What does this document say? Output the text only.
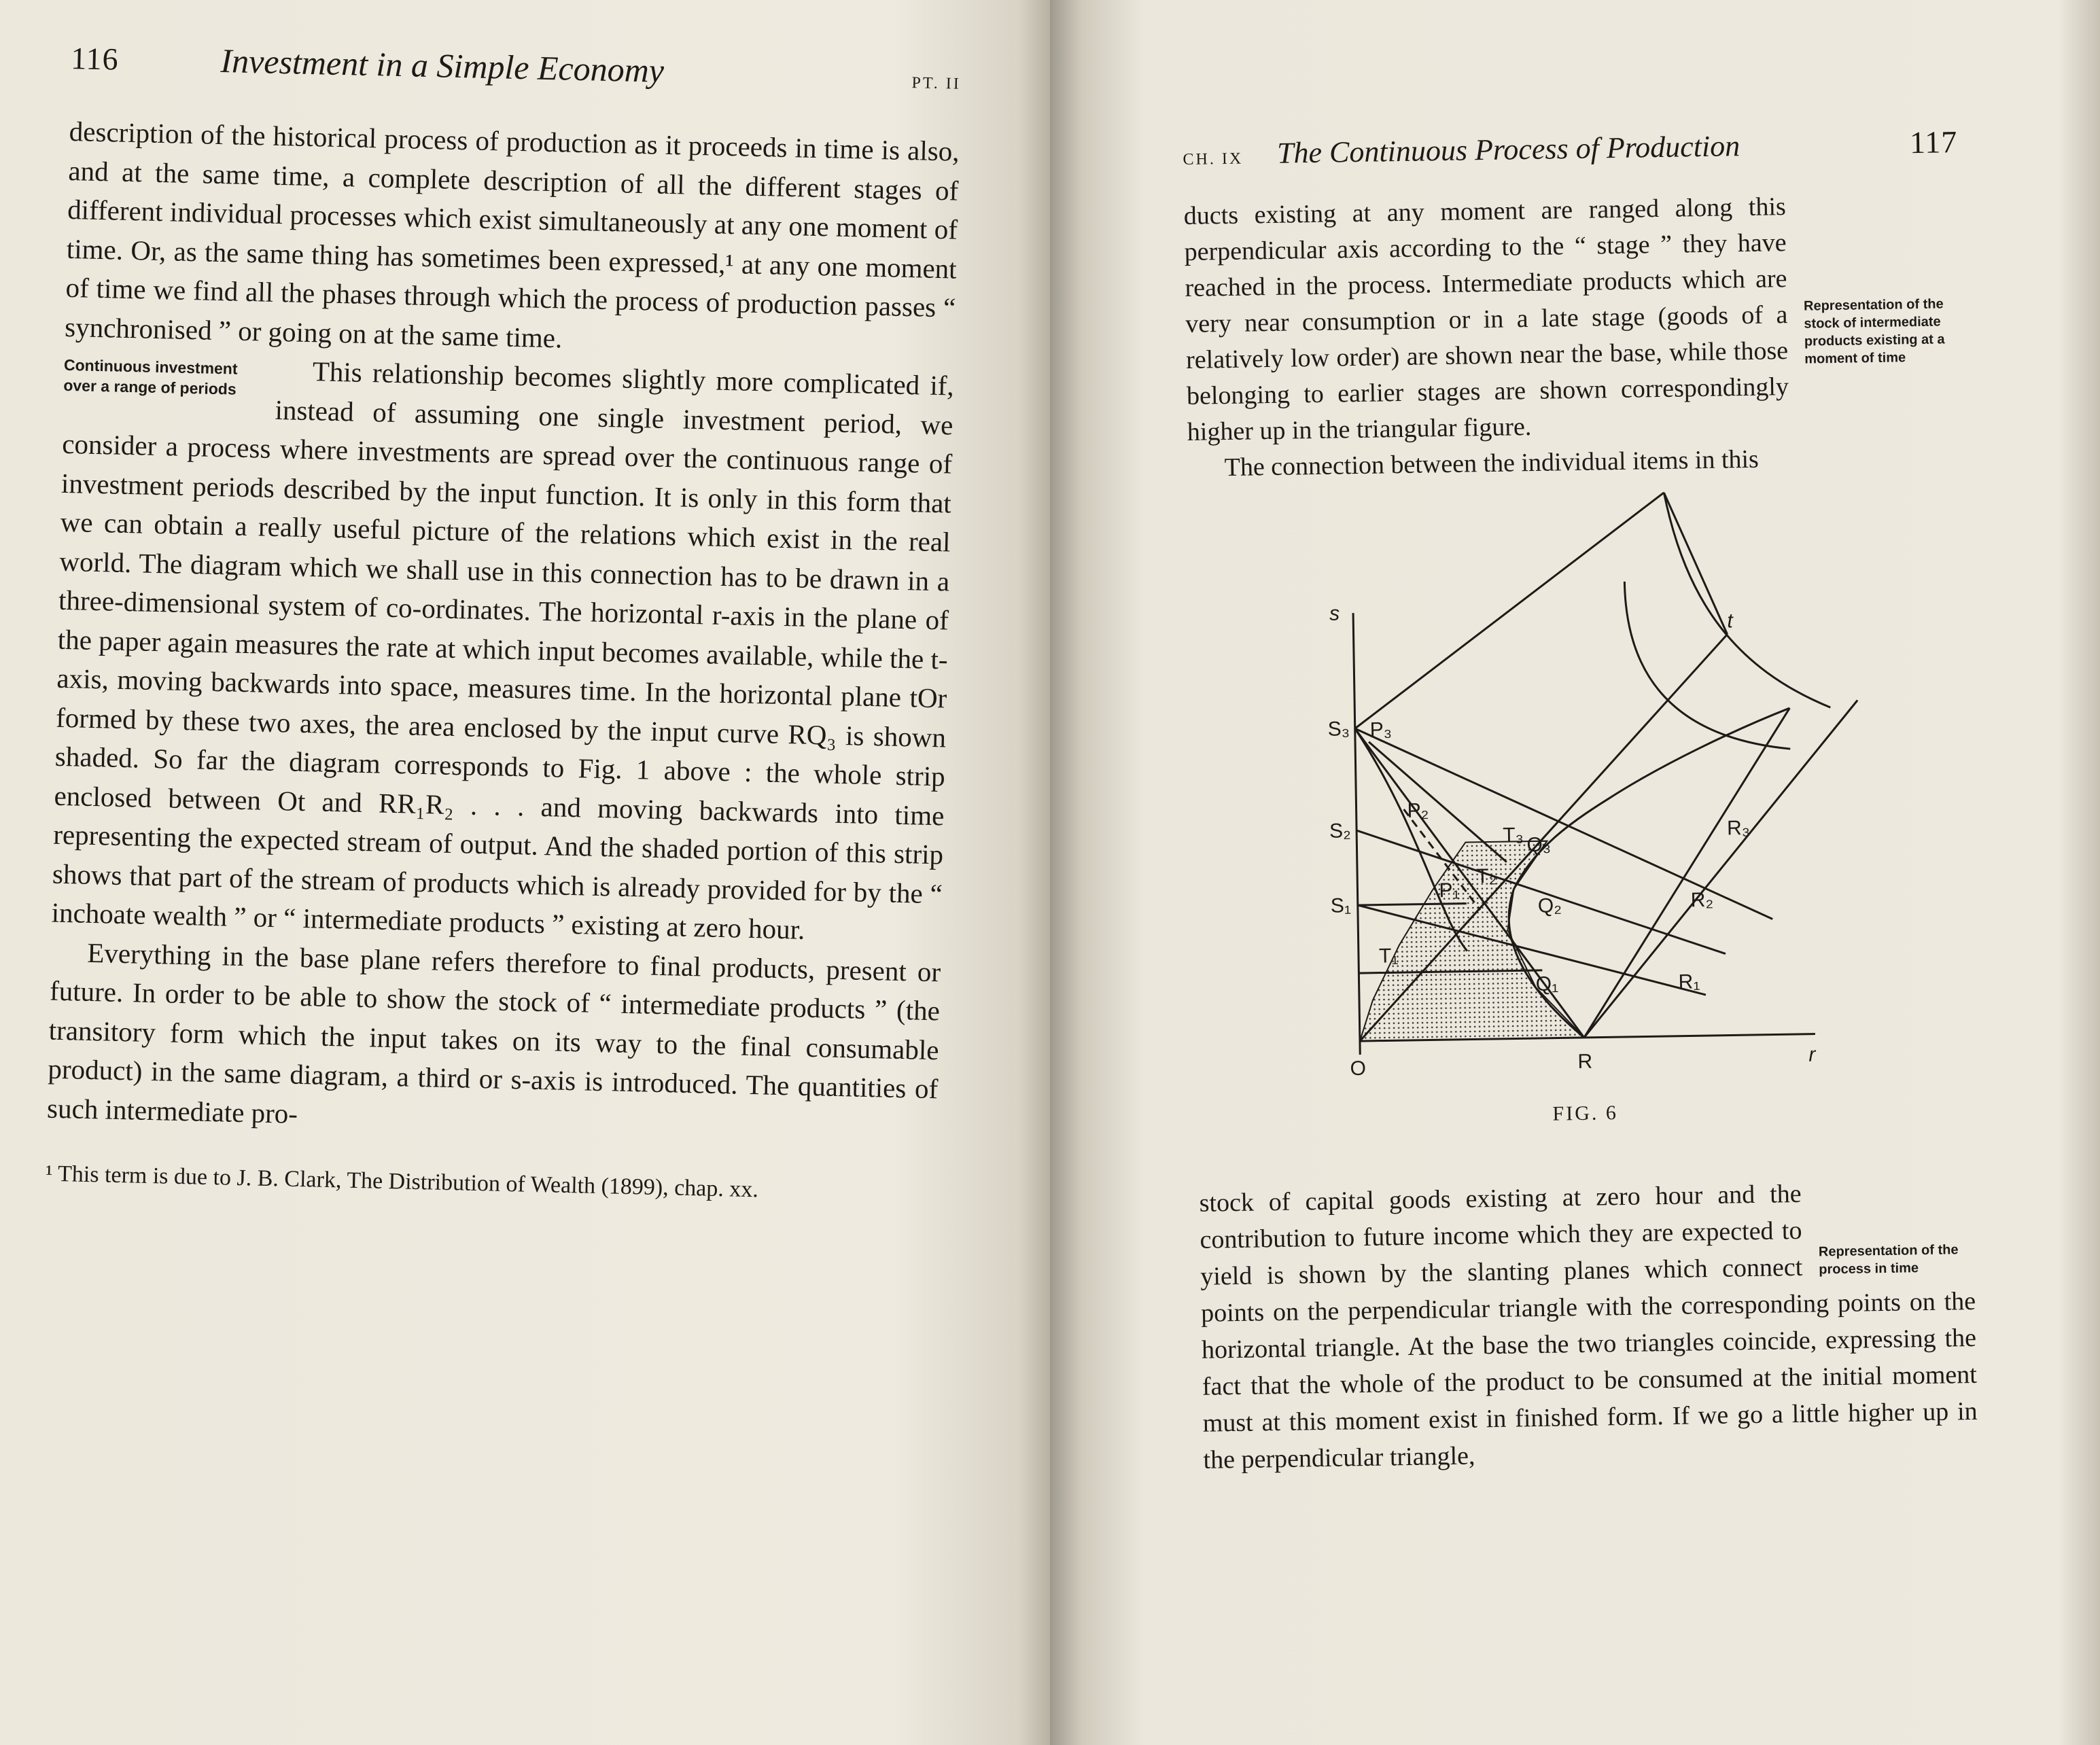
116	Investment in a Simple Economy	PT. II

description of the historical process of production as it proceeds in time is also, and at the same time, a complete description of all the different stages of different individual processes which exist simultaneously at any one moment of time. Or, as the same thing has sometimes been expressed,¹ at any one moment of time we find all the phases through which the process of production passes “ synchronised ” or going on at the same time.

Continuous investment over a range of periods	This relationship becomes slightly more complicated if, instead of assuming one single investment period, we consider a process where investments are spread over the continuous range of investment periods described by the input function. It is only in this form that we can obtain a really useful picture of the relations which exist in the real world. The diagram which we shall use in this connection has to be drawn in a three-dimensional system of co-ordinates. The horizontal r-axis in the plane of the paper again measures the rate at which input becomes available, while the t-axis, moving backwards into space, measures time. In the horizontal plane tOr formed by these two axes, the area enclosed by the input curve RQ₃ is shown shaded. So far the diagram corresponds to Fig. 1 above : the whole strip enclosed between Ot and RR₁R₂ . . . and moving backwards into time representing the expected stream of output. And the shaded portion of this strip shows that part of the stream of products which is already provided for by the “ inchoate wealth ” or “ intermediate products ” existing at zero hour.

Everything in the base plane refers therefore to final products, present or future. In order to be able to show the stock of “ intermediate products ” (the transitory form which the input takes on its way to the final consumable product) in the same diagram, a third or s-axis is introduced. The quantities of such intermediate pro-

¹ This term is due to J. B. Clark, The Distribution of Wealth (1899), chap. xx.
CH. IX The Continuous Process of Production	117
Representation of the stock of intermediate products existing at a moment of time

ducts existing at any moment are ranged along this perpendicular axis according to the “ stage ” they have reached in the process. Intermediate products which are very near consumption or in a late stage (goods of a relatively low order) are shown near the base, while those belonging to earlier stages are shown correspondingly higher up in the triangular figure.

The connection between the individual items in this

s	t
r
O	R
S₃
S₂
S₁
P₃
P₂
P₁
T₁
T₂
T₃
Q₁
Q₂
Q₃
R₁
R₂
R₃
FIG. 6
Representation of the process in time

stock of capital goods existing at zero hour and the contribution to future income which they are expected to yield is shown by the slanting planes which connect points on the perpendicular triangle with the corresponding points on the horizontal triangle. At the base the two triangles coincide, expressing the fact that the whole of the product to be consumed at the initial moment must at this moment exist in finished form. If we go a little higher up in the perpendicular triangle,
